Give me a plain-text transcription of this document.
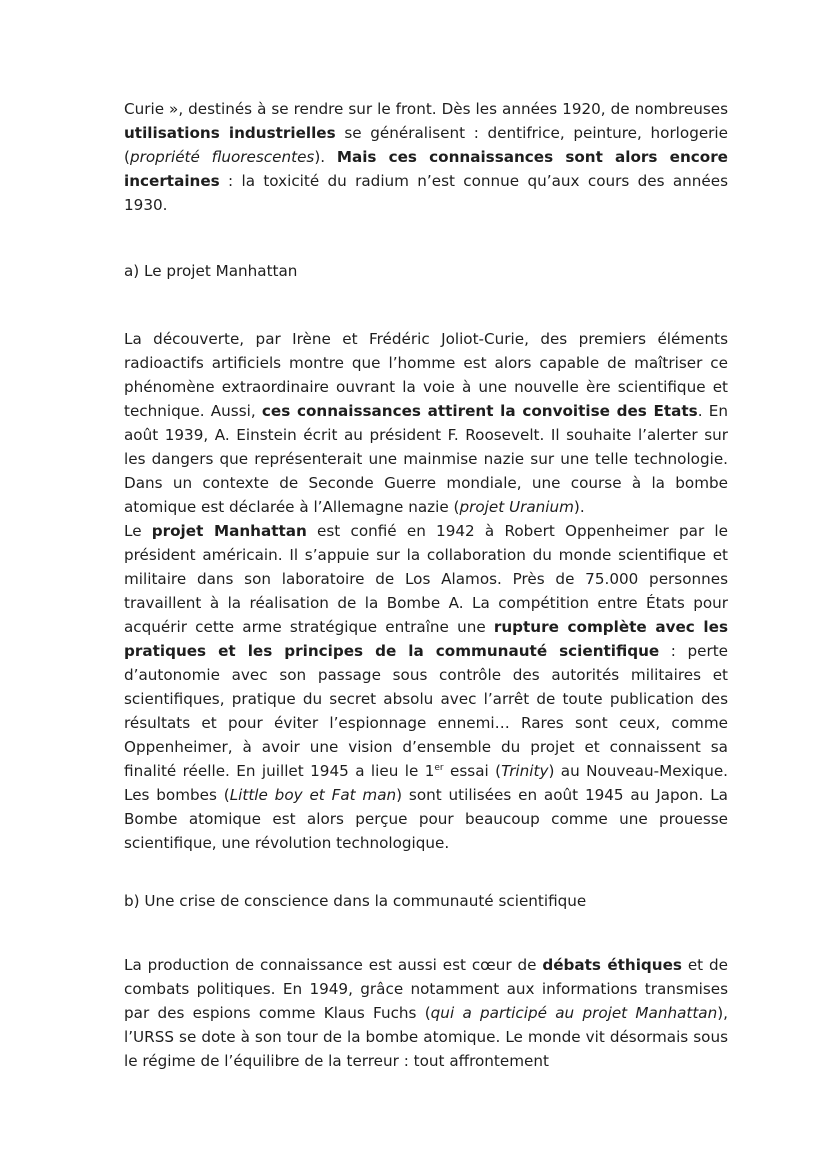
Curie », destinés à se rendre sur le front. Dès les années 1920, de nombreuses utilisations industrielles se généralisent : dentifrice, peinture, horlogerie (propriété fluorescentes). Mais ces connaissances sont alors encore incertaines : la toxicité du radium n’est connue qu’aux cours des années 1930.

a) Le projet Manhattan

La découverte, par Irène et Frédéric Joliot-Curie, des premiers éléments radioactifs artificiels montre que l’homme est alors capable de maîtriser ce phénomène extraordinaire ouvrant la voie à une nouvelle ère scientifique et technique. Aussi, ces connaissances attirent la convoitise des Etats. En août 1939, A. Einstein écrit au président F. Roosevelt. Il souhaite l’alerter sur les dangers que représenterait une mainmise nazie sur une telle technologie. Dans un contexte de Seconde Guerre mondiale, une course à la bombe atomique est déclarée à l’Allemagne nazie (projet Uranium).

Le projet Manhattan est confié en 1942 à Robert Oppenheimer par le président américain. Il s’appuie sur la collaboration du monde scientifique et militaire dans son laboratoire de Los Alamos. Près de 75.000 personnes travaillent à la réalisation de la Bombe A. La compétition entre États pour acquérir cette arme stratégique entraîne une rupture complète avec les pratiques et les principes de la communauté scientifique : perte d’autonomie avec son passage sous contrôle des autorités militaires et scientifiques, pratique du secret absolu avec l’arrêt de toute publication des résultats et pour éviter l’espionnage ennemi… Rares sont ceux, comme Oppenheimer, à avoir une vision d’ensemble du projet et connaissent sa finalité réelle. En juillet 1945 a lieu le 1er essai (Trinity) au Nouveau-Mexique. Les bombes (Little boy et Fat man) sont utilisées en août 1945 au Japon. La Bombe atomique est alors perçue pour beaucoup comme une prouesse scientifique, une révolution technologique.

b) Une crise de conscience dans la communauté scientifique

La production de connaissance est aussi est cœur de débats éthiques et de combats politiques. En 1949, grâce notamment aux informations transmises par des espions comme Klaus Fuchs (qui a participé au projet Manhattan), l’URSS se dote à son tour de la bombe atomique. Le monde vit désormais sous le régime de l’équilibre de la terreur : tout affrontement
